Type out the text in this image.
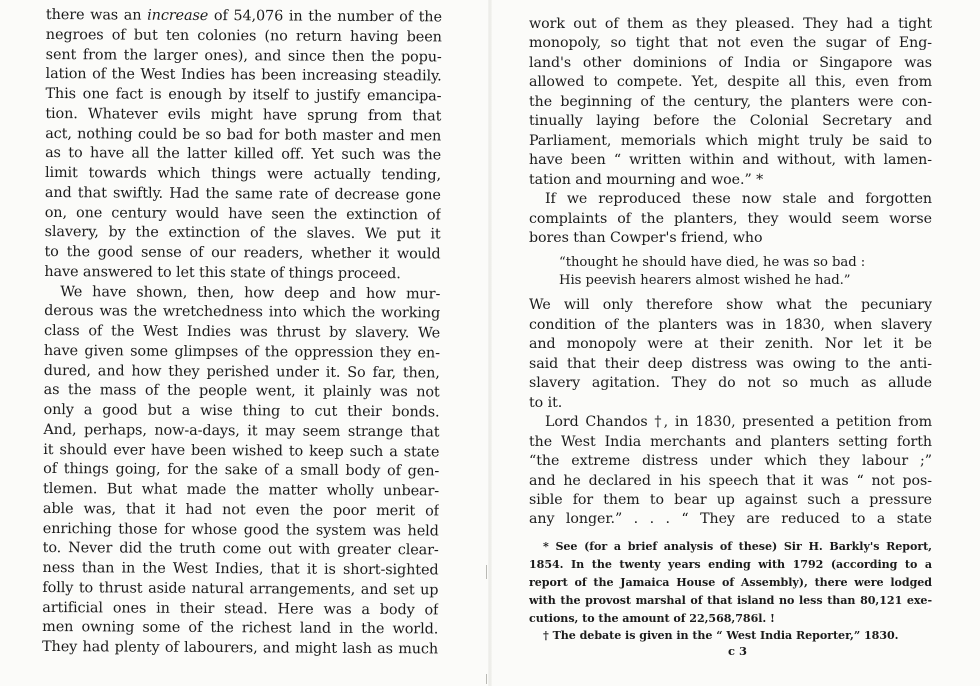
there was an increase of 54,076 in the number of the
negroes of but ten colonies (no return having been
sent from the larger ones), and since then the popu-
lation of the West Indies has been increasing steadily.
This one fact is enough by itself to justify emancipa-
tion. Whatever evils might have sprung from that
act, nothing could be so bad for both master and men
as to have all the latter killed off. Yet such was the
limit towards which things were actually tending,
and that swiftly. Had the same rate of decrease gone
on, one century would have seen the extinction of
slavery, by the extinction of the slaves. We put it
to the good sense of our readers, whether it would
have answered to let this state of things proceed.
We have shown, then, how deep and how mur-
derous was the wretchedness into which the working
class of the West Indies was thrust by slavery. We
have given some glimpses of the oppression they en-
dured, and how they perished under it. So far, then,
as the mass of the people went, it plainly was not
only a good but a wise thing to cut their bonds.
And, perhaps, now-a-days, it may seem strange that
it should ever have been wished to keep such a state
of things going, for the sake of a small body of gen-
tlemen. But what made the matter wholly unbear-
able was, that it had not even the poor merit of
enriching those for whose good the system was held
to. Never did the truth come out with greater clear-
ness than in the West Indies, that it is short-sighted
folly to thrust aside natural arrangements, and set up
artificial ones in their stead. Here was a body of
men owning some of the richest land in the world.
They had plenty of labourers, and might lash as much
work out of them as they pleased. They had a tight
monopoly, so tight that not even the sugar of Eng-
land's other dominions of India or Singapore was
allowed to compete. Yet, despite all this, even from
the beginning of the century, the planters were con-
tinually laying before the Colonial Secretary and
Parliament, memorials which might truly be said to
have been “ written within and without, with lamen-
tation and mourning and woe.” *
If we reproduced these now stale and forgotten
complaints of the planters, they would seem worse
bores than Cowper's friend, who
“thought he should have died, he was so bad :
His peevish hearers almost wished he had.”
We will only therefore show what the pecuniary
condition of the planters was in 1830, when slavery
and monopoly were at their zenith. Nor let it be
said that their deep distress was owing to the anti-
slavery agitation. They do not so much as allude
to it.
Lord Chandos †, in 1830, presented a petition from
the West India merchants and planters setting forth
“the extreme distress under which they labour ;”
and he declared in his speech that it was “ not pos-
sible for them to bear up against such a pressure
any longer.” . . . “ They are reduced to a state
* See (for a brief analysis of these) Sir H. Barkly's Report,
1854. In the twenty years ending with 1792 (according to a
report of the Jamaica House of Assembly), there were lodged
with the provost marshal of that island no less than 80,121 exe-
cutions, to the amount of 22,568,786l. !
† The debate is given in the “ West India Reporter,” 1830.
c 3
